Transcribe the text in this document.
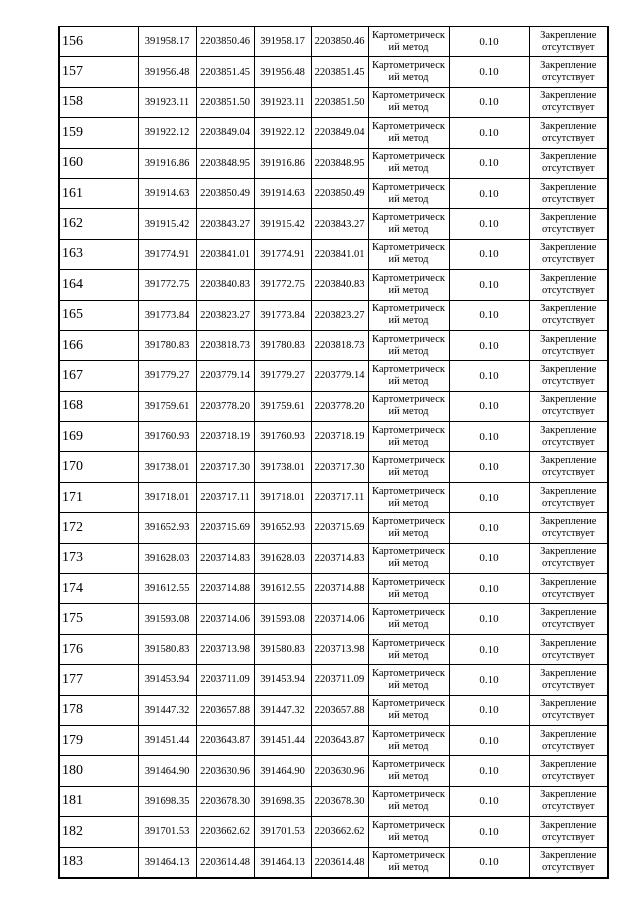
156	391958.17	2203850.46	391958.17	2203850.46	Картометрическ
ий метод	0.10	Закрепление
отсутствует

157	391956.48	2203851.45	391956.48	2203851.45	Картометрическ
ий метод	0.10	Закрепление
отсутствует

158	391923.11	2203851.50	391923.11	2203851.50	Картометрическ
ий метод	0.10	Закрепление
отсутствует

159	391922.12	2203849.04	391922.12	2203849.04	Картометрическ
ий метод	0.10	Закрепление
отсутствует

160	391916.86	2203848.95	391916.86	2203848.95	Картометрическ
ий метод	0.10	Закрепление
отсутствует

161	391914.63	2203850.49	391914.63	2203850.49	Картометрическ
ий метод	0.10	Закрепление
отсутствует

162	391915.42	2203843.27	391915.42	2203843.27	Картометрическ
ий метод	0.10	Закрепление
отсутствует

163	391774.91	2203841.01	391774.91	2203841.01	Картометрическ
ий метод	0.10	Закрепление
отсутствует

164	391772.75	2203840.83	391772.75	2203840.83	Картометрическ
ий метод	0.10	Закрепление
отсутствует

165	391773.84	2203823.27	391773.84	2203823.27	Картометрическ
ий метод	0.10	Закрепление
отсутствует

166	391780.83	2203818.73	391780.83	2203818.73	Картометрическ
ий метод	0.10	Закрепление
отсутствует

167	391779.27	2203779.14	391779.27	2203779.14	Картометрическ
ий метод	0.10	Закрепление
отсутствует

168	391759.61	2203778.20	391759.61	2203778.20	Картометрическ
ий метод	0.10	Закрепление
отсутствует

169	391760.93	2203718.19	391760.93	2203718.19	Картометрическ
ий метод	0.10	Закрепление
отсутствует

170	391738.01	2203717.30	391738.01	2203717.30	Картометрическ
ий метод	0.10	Закрепление
отсутствует

171	391718.01	2203717.11	391718.01	2203717.11	Картометрическ
ий метод	0.10	Закрепление
отсутствует

172	391652.93	2203715.69	391652.93	2203715.69	Картометрическ
ий метод	0.10	Закрепление
отсутствует

173	391628.03	2203714.83	391628.03	2203714.83	Картометрическ
ий метод	0.10	Закрепление
отсутствует

174	391612.55	2203714.88	391612.55	2203714.88	Картометрическ
ий метод	0.10	Закрепление
отсутствует

175	391593.08	2203714.06	391593.08	2203714.06	Картометрическ
ий метод	0.10	Закрепление
отсутствует

176	391580.83	2203713.98	391580.83	2203713.98	Картометрическ
ий метод	0.10	Закрепление
отсутствует

177	391453.94	2203711.09	391453.94	2203711.09	Картометрическ
ий метод	0.10	Закрепление
отсутствует

178	391447.32	2203657.88	391447.32	2203657.88	Картометрическ
ий метод	0.10	Закрепление
отсутствует

179	391451.44	2203643.87	391451.44	2203643.87	Картометрическ
ий метод	0.10	Закрепление
отсутствует

180	391464.90	2203630.96	391464.90	2203630.96	Картометрическ
ий метод	0.10	Закрепление
отсутствует

181	391698.35	2203678.30	391698.35	2203678.30	Картометрическ
ий метод	0.10	Закрепление
отсутствует

182	391701.53	2203662.62	391701.53	2203662.62	Картометрическ
ий метод	0.10	Закрепление
отсутствует

183	391464.13	2203614.48	391464.13	2203614.48	Картометрическ
ий метод	0.10	Закрепление
отсутствует
